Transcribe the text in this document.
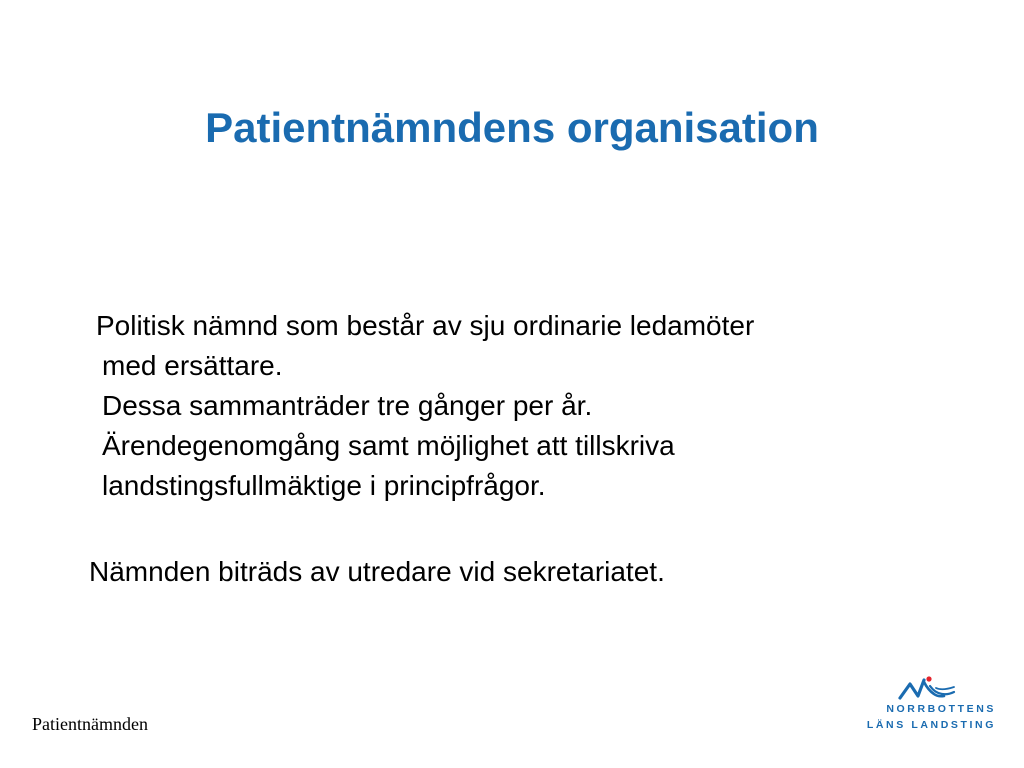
Patientnämndens organisation
Politisk nämnd som består av sju ordinarie ledamöter
med ersättare.
Dessa sammanträder tre gånger per år.
Ärendegenomgång samt möjlighet att tillskriva
landstingsfullmäktige i principfrågor.
Nämnden biträds av utredare vid sekretariatet.
Patientnämnden
NORRBOTTENS
LÄNS LANDSTING
